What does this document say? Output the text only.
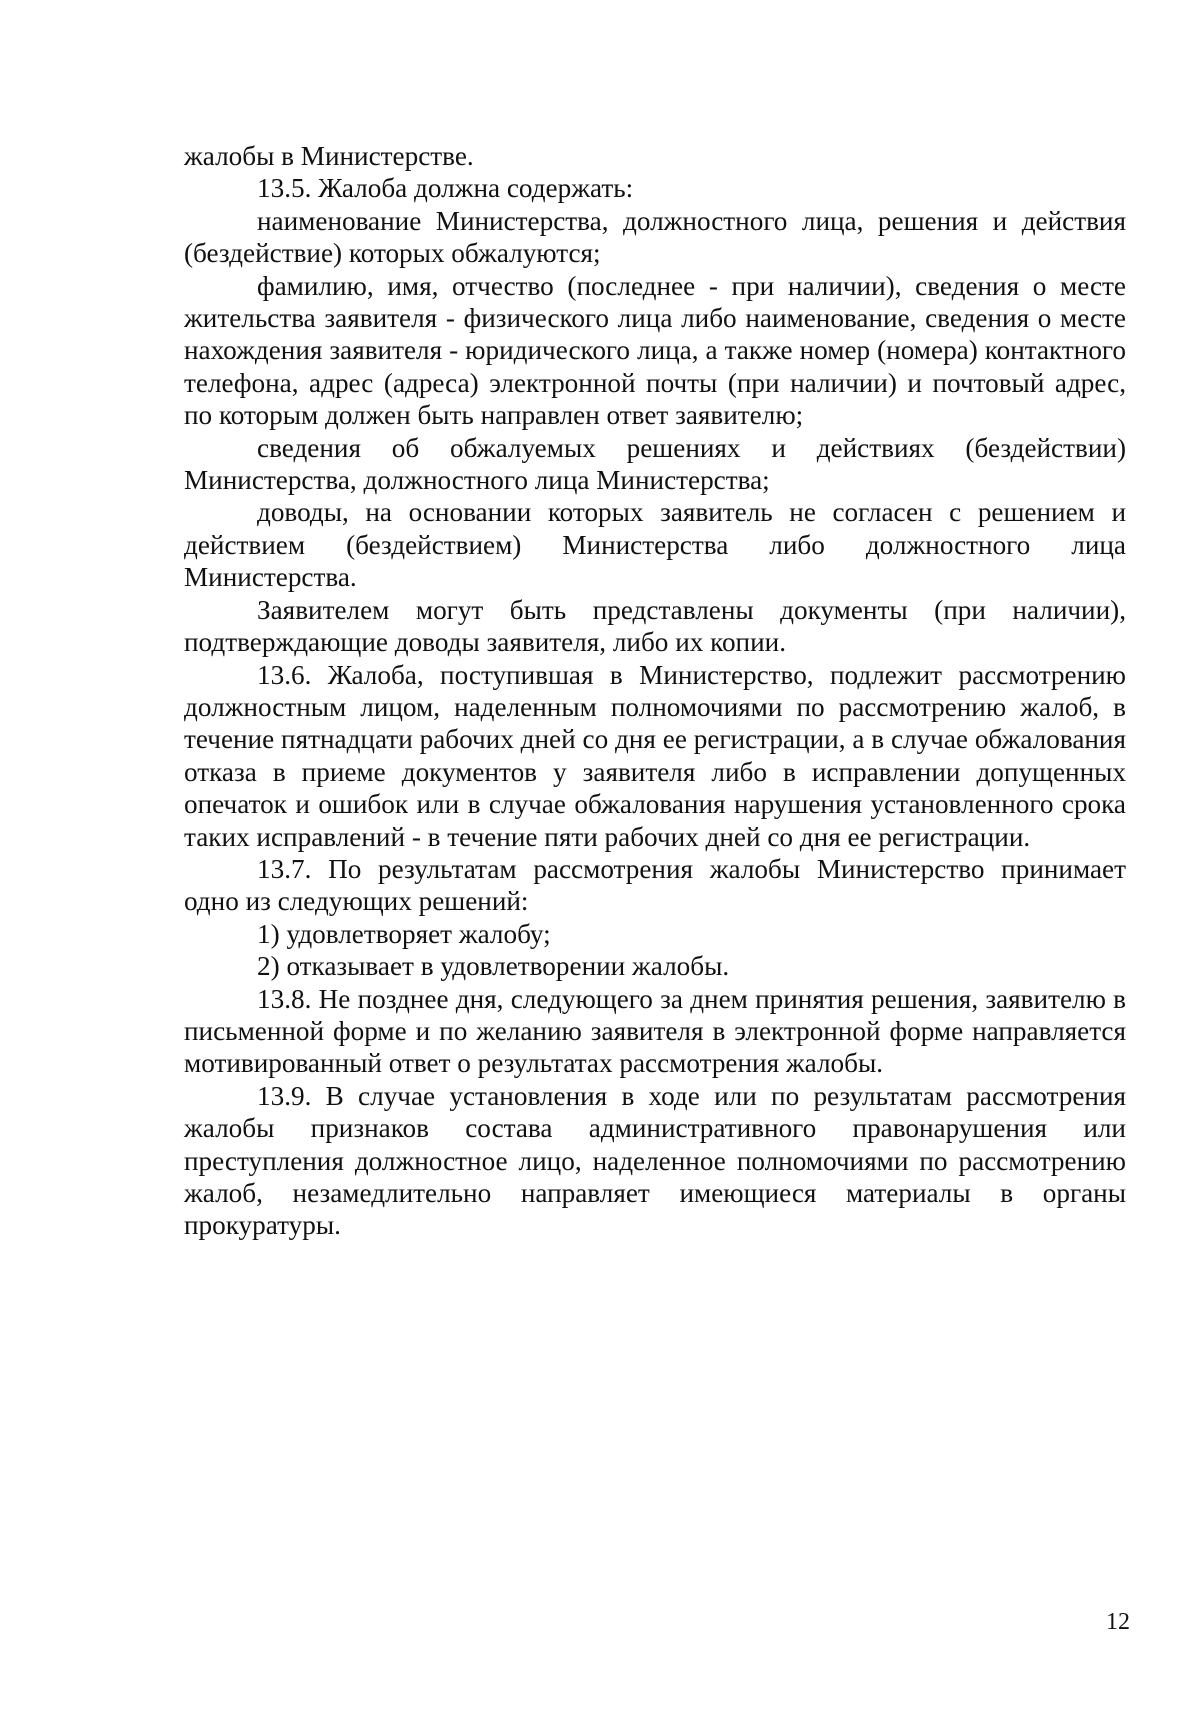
жалобы в Министерстве.

13.5. Жалоба должна содержать:

наименование Министерства, должностного лица, решения и действия (бездействие) которых обжалуются;

фамилию, имя, отчество (последнее - при наличии), сведения о месте жительства заявителя - физического лица либо наименование, сведения о месте нахождения заявителя - юридического лица, а также номер (номера) контактного телефона, адрес (адреса) электронной почты (при наличии) и почтовый адрес, по которым должен быть направлен ответ заявителю;

сведения об обжалуемых решениях и действиях (бездействии) Министерства, должностного лица Министерства;

доводы, на основании которых заявитель не согласен с решением и действием (бездействием) Министерства либо должностного лица Министерства.

Заявителем могут быть представлены документы (при наличии), подтверждающие доводы заявителя, либо их копии.

13.6. Жалоба, поступившая в Министерство, подлежит рассмотрению должностным лицом, наделенным полномочиями по рассмотрению жалоб, в течение пятнадцати рабочих дней со дня ее регистрации, а в случае обжалования отказа в приеме документов у заявителя либо в исправлении допущенных опечаток и ошибок или в случае обжалования нарушения установленного срока таких исправлений - в течение пяти рабочих дней со дня ее регистрации.

13.7. По результатам рассмотрения жалобы Министерство принимает одно из следующих решений:

1) удовлетворяет жалобу;

2) отказывает в удовлетворении жалобы.

13.8. Не позднее дня, следующего за днем принятия решения, заявителю в письменной форме и по желанию заявителя в электронной форме направляется мотивированный ответ о результатах рассмотрения жалобы.

13.9. В случае установления в ходе или по результатам рассмотрения жалобы признаков состава административного правонарушения или преступления должностное лицо, наделенное полномочиями по рассмотрению жалоб, незамедлительно направляет имеющиеся материалы в органы прокуратуры.

12
